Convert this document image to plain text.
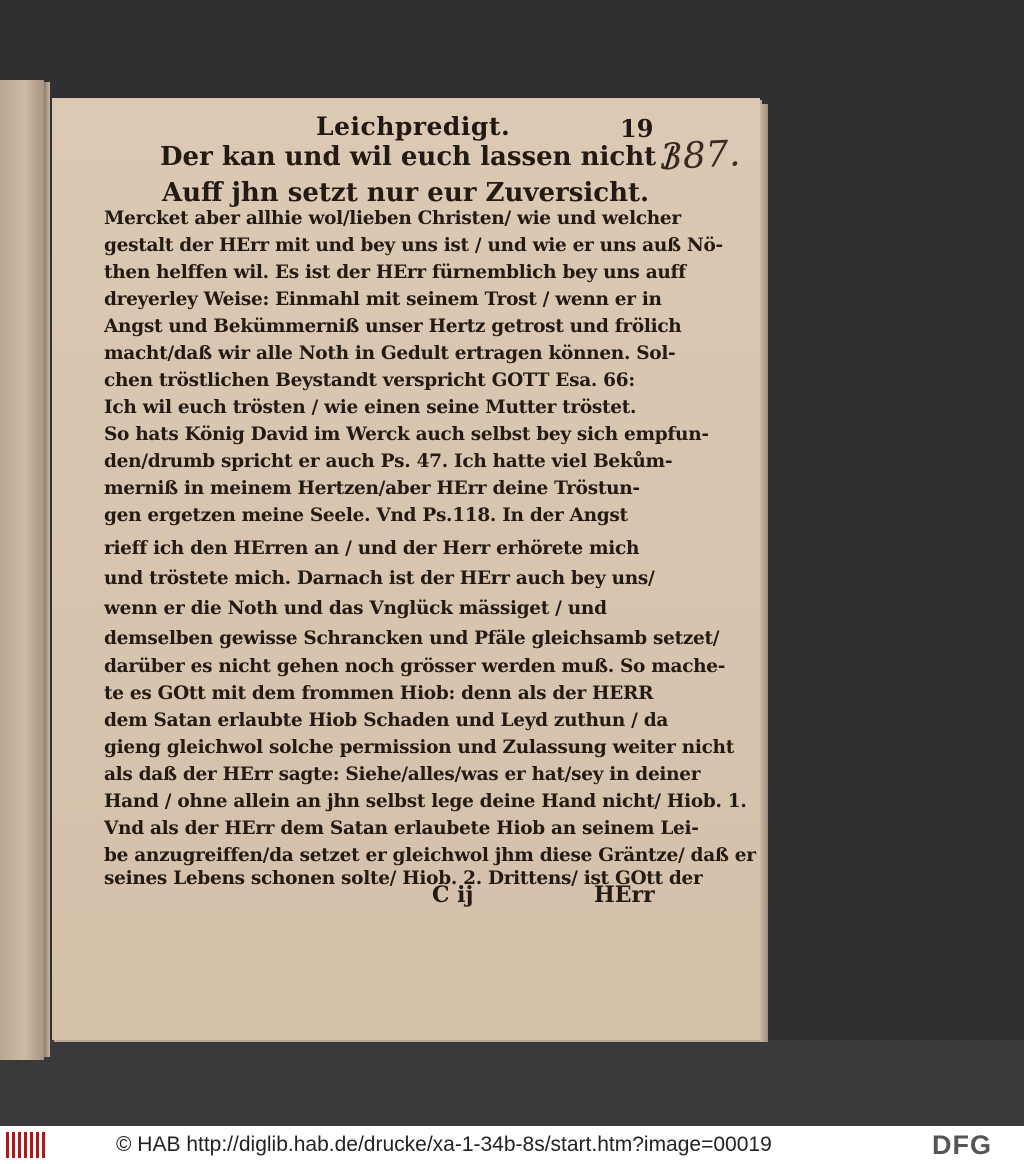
Leichpredigt.	19
387.
Der kan und wil euch lassen nicht /
Auff jhn setzt nur eur Zuversicht.
Mercket aber allhie wol/lieben Christen/ wie und welcher
gestalt der HErr mit und bey uns ist / und wie er uns auß Nö-
then helffen wil. Es ist der HErr fürnemblich bey uns auff
dreyerley Weise: Einmahl mit seinem Trost / wenn er in
Angst und Bekümmerniß unser Hertz getrost und frölich
macht/daß wir alle Noth in Gedult ertragen können. Sol-
chen tröstlichen Beystandt verspricht GOTT Esa. 66:
Ich wil euch trösten / wie einen seine Mutter tröstet.
So hats König David im Werck auch selbst bey sich empfun-
den/drumb spricht er auch Ps. 47. Ich hatte viel Bekům-
merniß in meinem Hertzen/aber HErr deine Tröstun-
gen ergetzen meine Seele. Vnd Ps.118. In der Angst
rieff ich den HErren an / und der Herr erhörete mich
und tröstete mich. Darnach ist der HErr auch bey uns/
wenn er die Noth und das Vnglück mässiget / und
demselben gewisse Schrancken und Pfäle gleichsamb setzet/
darüber es nicht gehen noch grösser werden muß. So mache-
te es GOtt mit dem frommen Hiob: denn als der HERR
dem Satan erlaubte Hiob Schaden und Leyd zuthun / da
gieng gleichwol solche permission und Zulassung weiter nicht
als daß der HErr sagte: Siehe/alles/was er hat/sey in deiner
Hand / ohne allein an jhn selbst lege deine Hand nicht/ Hiob. 1.
Vnd als der HErr dem Satan erlaubete Hiob an seinem Lei-
be anzugreiffen/da setzet er gleichwol jhm diese Gräntze/ daß er
seines Lebens schonen solte/ Hiob. 2. Drittens/ ist GOtt der
C ij	HErr
© HAB http://diglib.hab.de/drucke/xa-1-34b-8s/start.htm?image=00019	DFG
